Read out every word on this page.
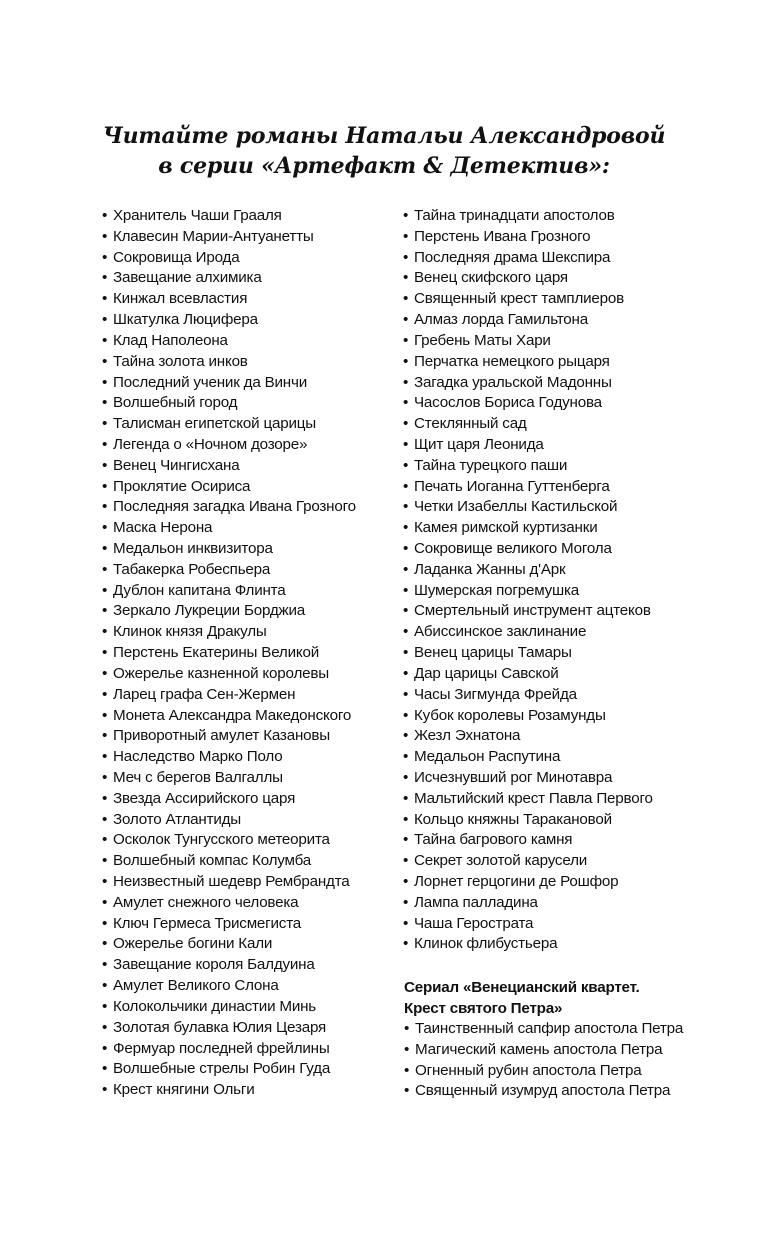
Читайте романы Натальи Александровой
в серии «Артефакт & Детектив»:
• Хранитель Чаши Грааля
• Клавесин Марии-Антуанетты
• Сокровища Ирода
• Завещание алхимика
• Кинжал всевластия
• Шкатулка Люцифера
• Клад Наполеона
• Тайна золота инков
• Последний ученик да Винчи
• Волшебный город
• Талисман египетской царицы
• Легенда о «Ночном дозоре»
• Венец Чингисхана
• Проклятие Осириса
• Последняя загадка Ивана Грозного
• Маска Нерона
• Медальон инквизитора
• Табакерка Робеспьера
• Дублон капитана Флинта
• Зеркало Лукреции Борджиа
• Клинок князя Дракулы
• Перстень Екатерины Великой
• Ожерелье казненной королевы
• Ларец графа Сен-Жермен
• Монета Александра Македонского
• Приворотный амулет Казановы
• Наследство Марко Поло
• Меч с берегов Валгаллы
• Звезда Ассирийского царя
• Золото Атлантиды
• Осколок Тунгусского метеорита
• Волшебный компас Колумба
• Неизвестный шедевр Рембрандта
• Амулет снежного человека
• Ключ Гермеса Трисмегиста
• Ожерелье богини Кали
• Завещание короля Балдуина
• Амулет Великого Слона
• Колокольчики династии Минь
• Золотая булавка Юлия Цезаря
• Фермуар последней фрейлины
• Волшебные стрелы Робин Гуда
• Крест княгини Ольги
• Тайна тринадцати апостолов
• Перстень Ивана Грозного
• Последняя драма Шекспира
• Венец скифского царя
• Священный крест тамплиеров
• Алмаз лорда Гамильтона
• Гребень Маты Хари
• Перчатка немецкого рыцаря
• Загадка уральской Мадонны
• Часослов Бориса Годунова
• Стеклянный сад
• Щит царя Леонида
• Тайна турецкого паши
• Печать Иоганна Гуттенберга
• Четки Изабеллы Кастильской
• Камея римской куртизанки
• Сокровище великого Могола
• Ладанка Жанны д'Арк
• Шумерская погремушка
• Смертельный инструмент ацтеков
• Абиссинское заклинание
• Венец царицы Тамары
• Дар царицы Савской
• Часы Зигмунда Фрейда
• Кубок королевы Розамунды
• Жезл Эхнатона
• Медальон Распутина
• Исчезнувший рог Минотавра
• Мальтийский крест Павла Первого
• Кольцо княжны Таракановой
• Тайна багрового камня
• Секрет золотой карусели
• Лорнет герцогини де Рошфор
• Лампа палладина
• Чаша Герострата
• Клинок флибустьера

Сериал «Венецианский квартет.
Крест святого Петра»

• Таинственный сапфир апостола Петра
• Магический камень апостола Петра
• Огненный рубин апостола Петра
• Священный изумруд апостола Петра
